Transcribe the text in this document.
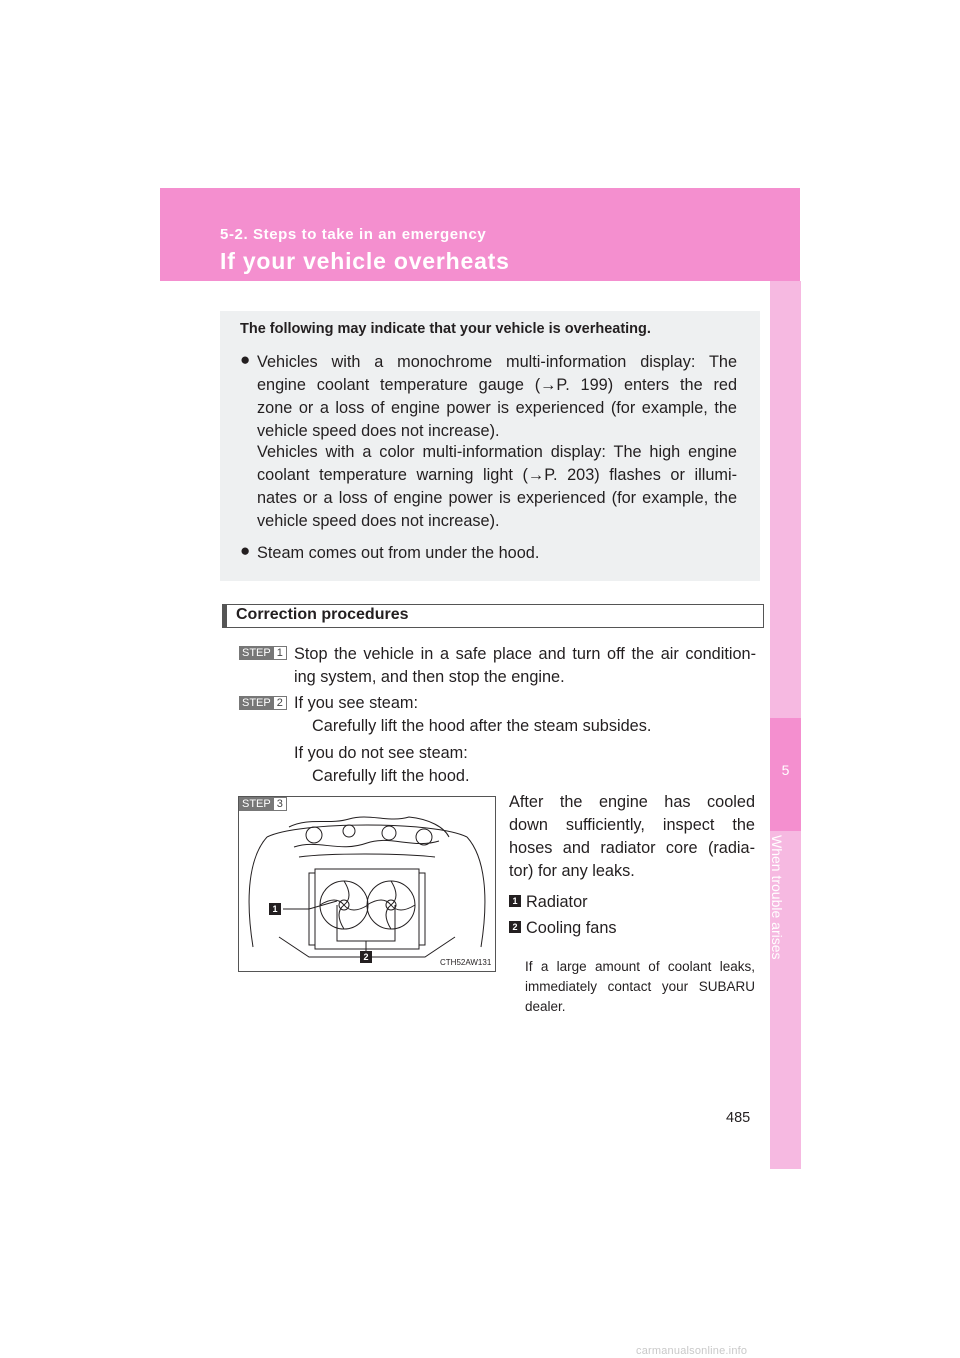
5-2. Steps to take in an emergency
If your vehicle overheats
5
When trouble arises
The following may indicate that your vehicle is overheating.
● Vehicles with a monochrome multi-information display: The
engine coolant temperature gauge (→P. 199) enters the red
zone or a loss of engine power is experienced (for example, the
vehicle speed does not increase).
Vehicles with a color multi-information display: The high engine
coolant temperature warning light (→P. 203) flashes or illumi-
nates or a loss of engine power is experienced (for example, the
vehicle speed does not increase).
● Steam comes out from under the hood.
Correction procedures
STEP 1 Stop the vehicle in a safe place and turn off the air condition-
ing system, and then stop the engine.
STEP 2 If you see steam:
Carefully lift the hood after the steam subsides.
If you do not see steam:
Carefully lift the hood.
1
2
STEP 3
CTH52AW131
After the engine has cooled
down sufficiently, inspect the
hoses and radiator core (radia-
tor) for any leaks.
1 Radiator
2 Cooling fans
If a large amount of coolant leaks, immediately contact your SUBARU dealer.
485
carmanualsonline.info
